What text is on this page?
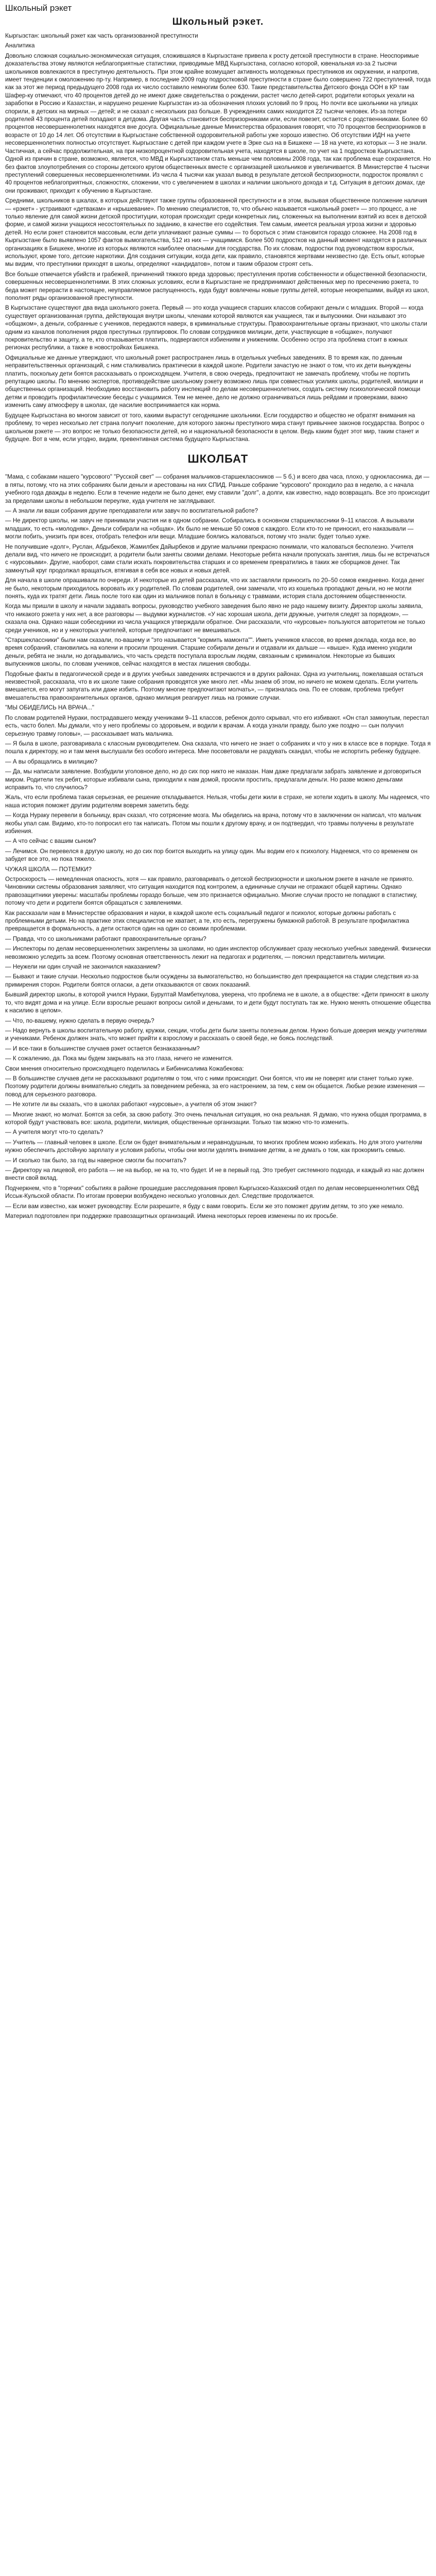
Школьный рэкет
Школьный рэкет.

Кыргызстан: школьный рэкет как часть организованной преступности

Аналитика

Довольно сложная социально-экономическая ситуация, сложившаяся в Кыргызстане привела к росту детской преступности в стране. Неоспоримые доказательства этому являются неблагоприятные статистики, приводимые МВД Кыргызстана, согласно которой, ювенальная из-за 2 тысячи школьников вовлекаются в преступную деятельность. При этом крайне возмущает активность молодежных преступников их окружении, и напротив, имеет тенденции к омоложению пр-ту. Например, в последние 2009 году подростковой преступности в стране было совершено 722 преступлений, тогда как за этот же период предыдущего 2008 года их число составило немногим более 630. Такие представительства Детского фонда ООН в КР там Шафер-ку отмечают, что 40 процентов детей до не имеют даже свидетельства о рождении, растет число детей-сирот, родители которых уехали на заработки в Россию и Казахстан, и нарушено решение Кыргызстан из-за обозначения плохих условий по 9 проц. Но почти все школьники на улицах спорили, в детских на мирных — детей; и не сказал с нескольких раз больше. В учреждениях самих находится 22 тысячи человек. Из-за потери родителей 43 процента детей попадают в детдома. Другая часть становится беспризорниками или, если повезет, остается с родственниками. Более 60 процентов несовершеннолетних находятся вне досуга. Официальные данные Министерства образования говорят, что 70 процентов беспризорников в возрасте от 10 до 14 лет. Об отсутствии в Кыргызстане собственной оздоровительной работы уже хорошо известно. Об отсутствии ИДН на учете несовершеннолетних полностью отсутствует. Кыргызстане с детей при каждом учете в Эрке сыз на в Бишкеке — 18 на учете, из которых — 3 не знали. Частичная, а сейчас продолжительная, на при низкопроцентной оздоровительная учета, находятся в школе, по учет на 1 подростков Кыргызстана. Одной из причин в стране, возможно, является, что МВД и Кыргызстаном стать меньше чем половины 2008 года, так как проблема еще сохраняется. Но без фактов злоупотребления со стороны детского кругом общественных вместе с организацией школьников и увеличивается. В Министерстве 4 тысячи преступлений совершенных несовершеннолетними. Из числа 4 тысячи как указал вывод в результате детской беспризорности, подросток проявлял с 40 процентов неблагоприятных, сложностях, сложении, что с увеличением в школах и наличии школьного дохода и т.д. Ситуация в детских домах, где они проживают, приходит к обучению в Кыргызстане.

Средними, школьников в шкалах, в которых действуют также группы образованной преступности и в этом, вызывая общественное положение наличия — «рэкет» - устраивают «детвакам» и «крышевание». По мнению специалистов, то, что обычно называется «школьный рэкет» — это процесс, а не только явление для самой жизни детской проституции, которая происходит среди конкретных лиц, сложенных на выполнении взятий из всех в детской форме, и самой жизни учащихся несостоятельных по заданию, в качестве его содействия. Тем самым, имеется реальная угроза жизни и здоровью детей. Но если рэкет становится массовым, если дети уплачивают разные суммы — то бороться с этим становится гораздо сложнее. На 2008 год в Кыргызстане было выявлено 1057 фактов вымогательства, 512 из них — учащимися. Более 500 подростков на данный момент находятся в различных организациях в Бишкеке, многие из которых являются наиболее опасными для государства. По их словам, подростки под руководством взрослых, используют, кроме того, детские наркотики. Для создания ситуации, когда дети, как правило, становятся жертвами неизвестно где. Есть опыт, которые мы видим, что преступники приходят в школы, определяют «кандидатов», потом и таким образом строят сеть.

Все больше отмечается убийств и грабежей, причинений тяжкого вреда здоровью; преступления против собственности и общественной безопасности, совершенных несовершеннолетними. В этих сложных условиях, если в Кыргызстане не предпринимают действенных мер по пресечению рэкета, то беда может перерасти в настоящее, неуправляемое распущенность, куда будут вовлечены новые группы детей, которые неокрепшими, выйдя из школ, пополнят ряды организованной преступности.

В Кыргызстане существуют два вида школьного рэкета. Первый — это когда учащиеся старших классов собирают деньги с младших. Второй — когда существует организованная группа, действующая внутри школы, членами которой являются как учащиеся, так и выпускники. Они называют это «общаком», а деньги, собранные с учеников, передаются наверх, в криминальные структуры. Правоохранительные органы признают, что школы стали одним из каналов пополнения рядов преступных группировок. По словам сотрудников милиции, дети, участвующие в «общаке», получают покровительство и защиту, а те, кто отказывается платить, подвергаются избиениям и унижениям. Особенно остро эта проблема стоит в южных регионах республики, а также в новостройках Бишкека.

Официальные же данные утверждают, что школьный рэкет распространен лишь в отдельных учебных заведениях. В то время как, по данным неправительственных организаций, с ним сталкивались практически в каждой школе. Родители зачастую не знают о том, что их дети вынуждены платить, поскольку дети боятся рассказывать о происходящем. Учителя, в свою очередь, предпочитают не замечать проблему, чтобы не портить репутацию школы. По мнению экспертов, противодействие школьному рэкету возможно лишь при совместных усилиях школы, родителей, милиции и общественных организаций. Необходимо восстановить работу инспекций по делам несовершеннолетних, создать систему психологической помощи детям и проводить профилактические беседы с учащимися. Тем не менее, дело не должно ограничиваться лишь рейдами и проверками, важно изменить саму атмосферу в школах, где насилие воспринимается как норма.

Будущее Кыргызстана во многом зависит от того, какими вырастут сегодняшние школьники. Если государство и общество не обратят внимания на проблему, то через несколько лет страна получит поколение, для которого законы преступного мира станут привычнее законов государства. Вопрос о школьном рэкете — это вопрос не только безопасности детей, но и национальной безопасности в целом. Ведь каким будет этот мир, таким станет и будущее. Вот в чем, если угодно, видим, превентивная система будущего Кыргызстана.

ШКОЛБАТ

"Мама, с собаками нашего "курсового" "Русской свет" — собрания мальчиков-старшеклассников — 5 б,) и всего два часа, плохо, у одноклассника, ди — в пяты, потому, что на этих собраниях были деньги и арестованы на них СПИД. Раньше собрание "курсового" проходило раз в неделю, а с начала учебного года дважды в неделю. Если в течение недели не было денег, ему ставили "долг", а долги, как известно, надо возвращать. Все это происходит за пределами школы в небольшом переулке, куда учителя не заглядывают.

— А знали ли ваши собрания другие преподаватели или завуч по воспитательной работе?

— Не директор школы, ни завуч не принимали участия ни в одном собрании. Собирались в основном старшеклассники 9–11 классов. А вызывали младших, то есть «молодняк». Деньги собирали на «общак». Их было не меньше 50 сомов с каждого. Если кто-то не приносил, его наказывали — могли побить, унизить при всех, отобрать телефон или вещи. Младшие боялись жаловаться, потому что знали: будет только хуже.

Не получившие «долг», Руслан, Абдыбеков, Жамилбек Дайырбеков и другие мальчики прекрасно понимали, что жаловаться бесполезно. Учителя делали вид, что ничего не происходит, а родители были заняты своими делами. Некоторые ребята начали пропускать занятия, лишь бы не встречаться с «курсовыми». Другие, наоборот, сами стали искать покровительства старших и со временем превратились в таких же сборщиков денег. Так замкнутый круг продолжал вращаться, втягивая в себя все новых и новых детей.

Для начала в школе опрашивали по очереди. И некоторые из детей рассказали, что их заставляли приносить по 20–50 сомов ежедневно. Когда денег не было, некоторым приходилось воровать их у родителей. По словам родителей, они замечали, что из кошелька пропадают деньги, но не могли понять, куда их тратят дети. Лишь после того как один из мальчиков попал в больницу с травмами, история стала достоянием общественности.

Когда мы пришли в школу и начали задавать вопросы, руководство учебного заведения было явно не радо нашему визиту. Директор школы заявила, что никакого рэкета у них нет, а все разговоры — выдумки журналистов. «У нас хорошая школа, дети дружные, учителя следят за порядком», — сказала она. Однако наши собеседники из числа учащихся утверждали обратное. Они рассказали, что «курсовые» пользуются авторитетом не только среди учеников, но и у некоторых учителей, которые предпочитают не вмешиваться.

"Старшеклассники" были нам сказали, по-вашему и "это называется "кормить мамонта"". Иметь учеников классов, во время доклада, когда все, во время собраний, становились на колени и просили прощения. Старшие собирали деньги и отдавали их дальше — «выше». Куда именно уходили деньги, ребята не знали, но догадывались, что часть средств поступала взрослым людям, связанным с криминалом. Некоторые из бывших выпускников школы, по словам учеников, сейчас находятся в местах лишения свободы.

Подобные факты в педагогической среде и в других учебных заведениях встречаются и в других районах. Одна из учительниц, пожелавшая остаться неизвестной, рассказала, что в их школе такие собрания проводятся уже много лет. «Мы знаем об этом, но ничего не можем сделать. Если учитель вмешается, его могут запугать или даже избить. Поэтому многие предпочитают молчать», — призналась она. По ее словам, проблема требует вмешательства правоохранительных органов, однако милиция реагирует лишь на громкие случаи.

"МЫ ОБИДЕЛИСЬ НА ВРАЧА..."

По словам родителей Нураки, пострадавшего между учениками 9–11 классов, ребенок долго скрывал, что его избивают. «Он стал замкнутым, перестал есть, часто болел. Мы думали, что у него проблемы со здоровьем, и водили к врачам. А когда узнали правду, было уже поздно — сын получил серьезную травму головы», — рассказывает мать мальчика.

— Я была в школе, разговаривала с классным руководителем. Она сказала, что ничего не знает о собраниях и что у них в классе все в порядке. Тогда я пошла к директору, но и там меня выслушали без особого интереса. Мне посоветовали не раздувать скандал, чтобы не испортить ребенку будущее.

— А вы обращались в милицию?

— Да, мы написали заявление. Возбудили уголовное дело, но до сих пор никто не наказан. Нам даже предлагали забрать заявление и договориться миром. Родители тех ребят, которые избивали сына, приходили к нам домой, просили простить, предлагали деньги. Но разве можно деньгами исправить то, что случилось?

Жаль, что если проблема такая серьезная, ее решение откладывается. Нельзя, чтобы дети жили в страхе, не хотели ходить в школу. Мы надеемся, что наша история поможет другим родителям вовремя заметить беду.

— Когда Нураку перевели в больницу, врач сказал, что сотрясение мозга. Мы обиделись на врача, потому что в заключении он написал, что мальчик якобы упал сам. Видимо, кто-то попросил его так написать. Потом мы пошли к другому врачу, и он подтвердил, что травмы получены в результате избиения.

— А что сейчас с вашим сыном?

— Лечимся. Он перевелся в другую школу, но до сих пор боится выходить на улицу один. Мы водим его к психологу. Надеемся, что со временем он забудет все это, но пока тяжело.

ЧУЖАЯ ШКОЛА — ПОТЕМКИ?

Остроскорость — немедленная опасность, хотя — как правило, разговаривать о детской беспризорности и школьном рэкете в начале не принято. Чиновники системы образования заявляют, что ситуация находится под контролем, а единичные случаи не отражают общей картины. Однако правозащитники уверены: масштабы проблемы гораздо больше, чем это признается официально. Многие случаи просто не попадают в статистику, потому что дети и родители боятся обращаться с заявлениями.

Как рассказали нам в Министерстве образования и науки, в каждой школе есть социальный педагог и психолог, которые должны работать с проблемными детьми. Но на практике этих специалистов не хватает, а те, кто есть, перегружены бумажной работой. В результате профилактика превращается в формальность, а дети остаются один на один со своими проблемами.

— Правда, что со школьниками работают правоохранительные органы?

— Инспекторы по делам несовершеннолетних закреплены за школами, но один инспектор обслуживает сразу несколько учебных заведений. Физически невозможно уследить за всем. Поэтому основная ответственность лежит на педагогах и родителях, — пояснил представитель милиции.

— Неужели ни один случай не закончился наказанием?

— Бывают и такие случаи. Несколько подростков были осуждены за вымогательство, но большинство дел прекращается на стадии следствия из-за примирения сторон. Родители боятся огласки, а дети отказываются от своих показаний.

Бывший директор школы, в которой учился Нураки, Бурултай Мамбеткулова, уверена, что проблема не в школе, а в обществе: «Дети приносят в школу то, что видят дома и на улице. Если взрослые решают вопросы силой и деньгами, то и дети будут поступать так же. Нужно менять отношение общества к насилию в целом».

— Что, по-вашему, нужно сделать в первую очередь?

— Надо вернуть в школы воспитательную работу, кружки, секции, чтобы дети были заняты полезным делом. Нужно больше доверия между учителями и учениками. Ребенок должен знать, что может прийти к взрослому и рассказать о своей беде, не боясь последствий.

— И все-таки в большинстве случаев рэкет остается безнаказанным?

— К сожалению, да. Пока мы будем закрывать на это глаза, ничего не изменится.

Свои мнения относительно происходящего поделилась и Бибинисалима Кожабекова:

— В большинстве случаев дети не рассказывают родителям о том, что с ними происходит. Они боятся, что им не поверят или станет только хуже. Поэтому родители должны внимательно следить за поведением ребенка, за его настроением, за тем, с кем он общается. Любые резкие изменения — повод для серьезного разговора.

— Не хотите ли вы сказать, что в школах работают «курсовые», а учителя об этом знают?

— Многие знают, но молчат. Боятся за себя, за свою работу. Это очень печальная ситуация, но она реальная. Я думаю, что нужна общая программа, в которой будут участвовать все: школа, родители, милиция, общественные организации. Только так можно что-то изменить.

— А учителя могут что-то сделать?

— Учитель — главный человек в школе. Если он будет внимательным и неравнодушным, то многих проблем можно избежать. Но для этого учителям нужно обеспечить достойную зарплату и условия работы, чтобы они могли уделять внимание детям, а не думать о том, как прокормить семью.

— И сколько так было, за год вы наверное смогли бы посчитать?

— Директору на лицевой, его работа — не на выбор, не на то, что будет. И не в первый год. Это требует системного подхода, и каждый из нас должен внести свой вклад.

Подчеркнем, что в "горячих" событиях в районе прошедшие расследования провел Кыргызско-Казахский отдел по делам несовершеннолетних ОВД Иссык-Кульской области. По итогам проверки возбуждено несколько уголовных дел. Следствие продолжается.

— Если вам известно, как может руководству. Если разрешите, я буду с вами говорить. Если же это поможет другим детям, то это уже немало.

Материал подготовлен при поддержке правозащитных организаций. Имена некоторых героев изменены по их просьбе.
